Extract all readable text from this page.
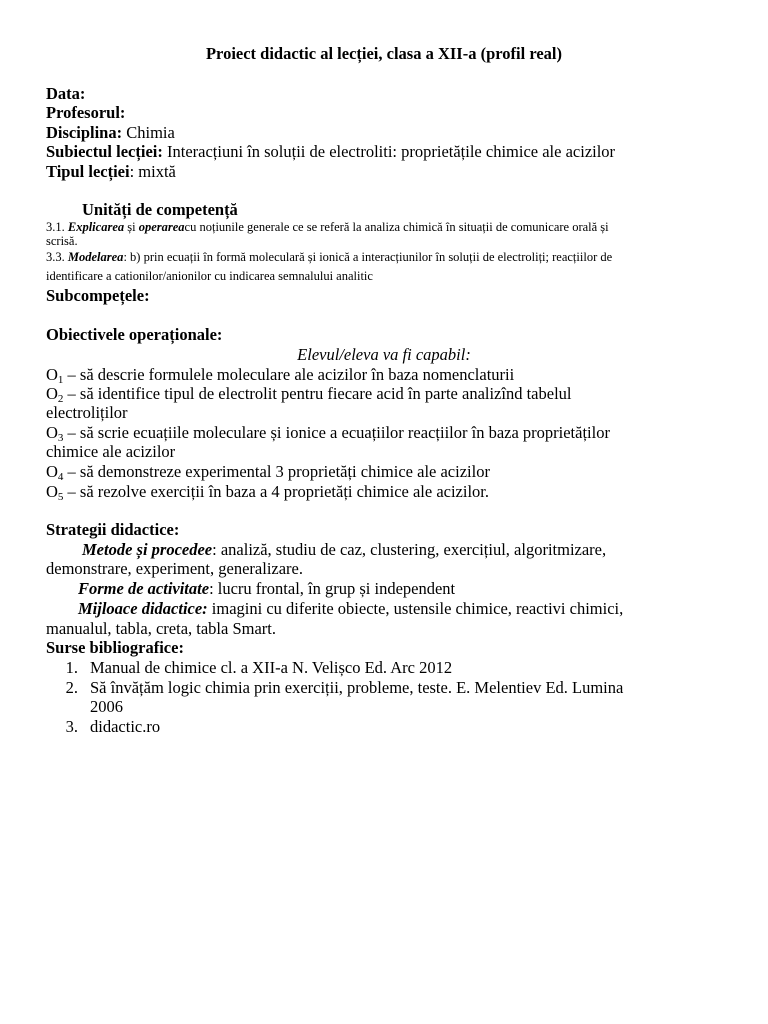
Proiect didactic al lecției, clasa a XII-a (profil real)
Data:
Profesorul:
Disciplina: Chimia
Subiectul lecției: Interacțiuni în soluții de electroliti: proprietățile chimice ale acizilor
Tipul lecției: mixtă
Unități de competență
3.1. Explicarea și operareacu noțiunile generale ce se referă la analiza chimică în situații de comunicare orală și
scrisă.
3.3. Modelarea: b) prin ecuații în formă moleculară și ionică a interacțiunilor în soluții de electroliți; reacțiilor de
identificare a cationilor/anionilor cu indicarea semnalului analitic
Subcompețele:
Obiectivele operaționale:
Elevul/eleva va fi capabil:
$O_1$ – să descrie formulele moleculare ale acizilor în baza nomenclaturii
$O_2$ – să identifice tipul de electrolit pentru fiecare acid în parte analizînd tabelul
electroliților
$O_3$ – să scrie ecuațiile moleculare și ionice a ecuațiilor reacțiilor în baza proprietăților
chimice ale acizilor
$O_4$ – să demonstreze experimental 3 proprietăți chimice ale acizilor
$O_5$ – să rezolve exerciții în baza a 4 proprietăți chimice ale acizilor.
Strategii didactice:
Metode și procedee: analiză, studiu de caz, clustering, exercițiul, algoritmizare,
demonstrare, experiment, generalizare.
Forme de activitate: lucru frontal, în grup și independent
Mijloace didactice: imagini cu diferite obiecte, ustensile chimice, reactivi chimici,
manualul, tabla, creta, tabla Smart.
Surse bibliografice:
1. Manual de chimice cl. a XII-a N. Velișco Ed. Arc 2012
2. Să învățăm logic chimia prin exerciții, probleme, teste. E. Melentiev Ed. Lumina
2006
3. didactic.ro
